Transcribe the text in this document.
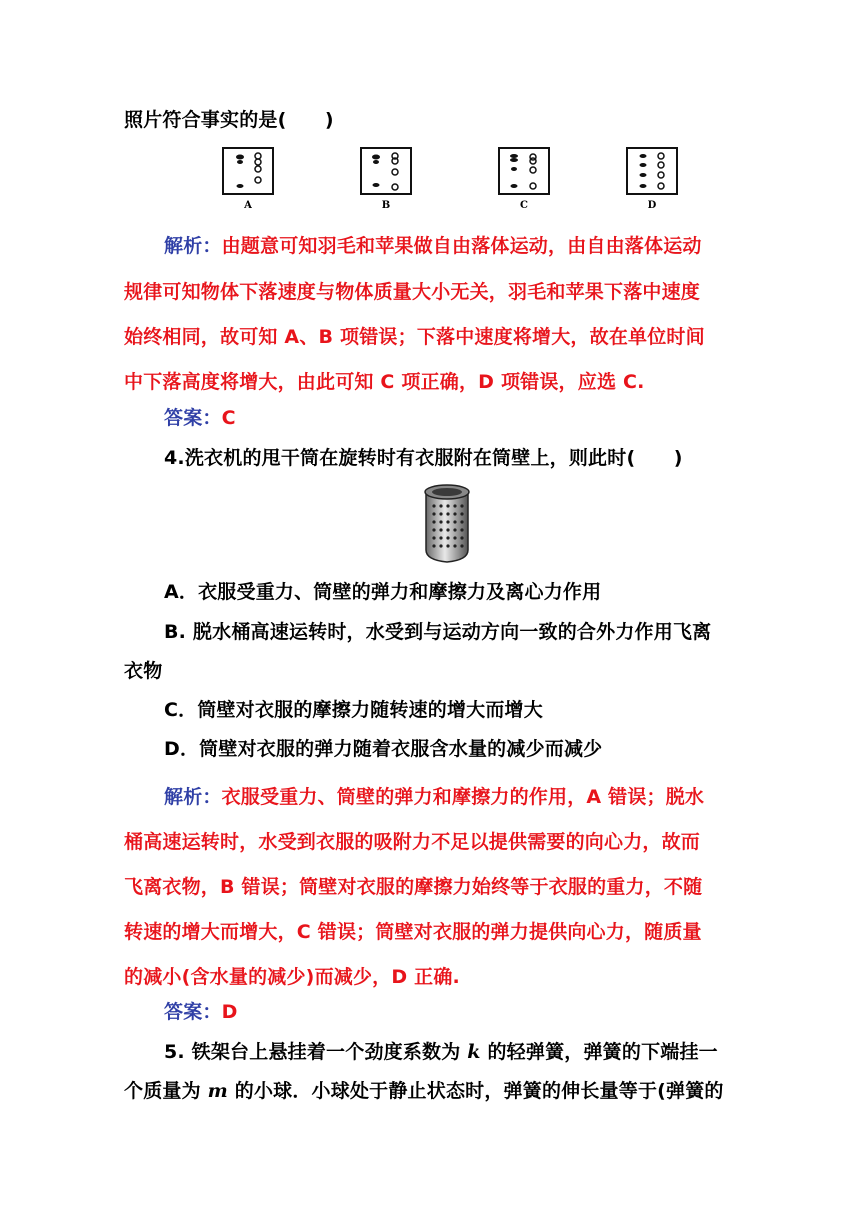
照片符合事实的是(　　)
A	B	C	D
解析：由题意可知羽毛和苹果做自由落体运动，由自由落体运动
规律可知物体下落速度与物体质量大小无关，羽毛和苹果下落中速度
始终相同，故可知 A、B 项错误；下落中速度将增大，故在单位时间
中下落高度将增大，由此可知 C 项正确，D 项错误，应选 C.
答案：C
4.洗衣机的甩干筒在旋转时有衣服附在筒壁上，则此时(　　)
A．衣服受重力、筒壁的弹力和摩擦力及离心力作用
B. 脱水桶高速运转时，水受到与运动方向一致的合外力作用飞离
衣物
C．筒壁对衣服的摩擦力随转速的增大而增大
D．筒壁对衣服的弹力随着衣服含水量的减少而减少
解析：衣服受重力、筒壁的弹力和摩擦力的作用，A 错误；脱水
桶高速运转时，水受到衣服的吸附力不足以提供需要的向心力，故而
飞离衣物，B 错误；筒壁对衣服的摩擦力始终等于衣服的重力，不随
转速的增大而增大，C 错误；筒壁对衣服的弹力提供向心力，随质量
的减小(含水量的减少)而减少，D 正确.
答案：D
5. 铁架台上悬挂着一个劲度系数为 k 的轻弹簧，弹簧的下端挂一
个质量为 m 的小球．小球处于静止状态时，弹簧的伸长量等于(弹簧的
